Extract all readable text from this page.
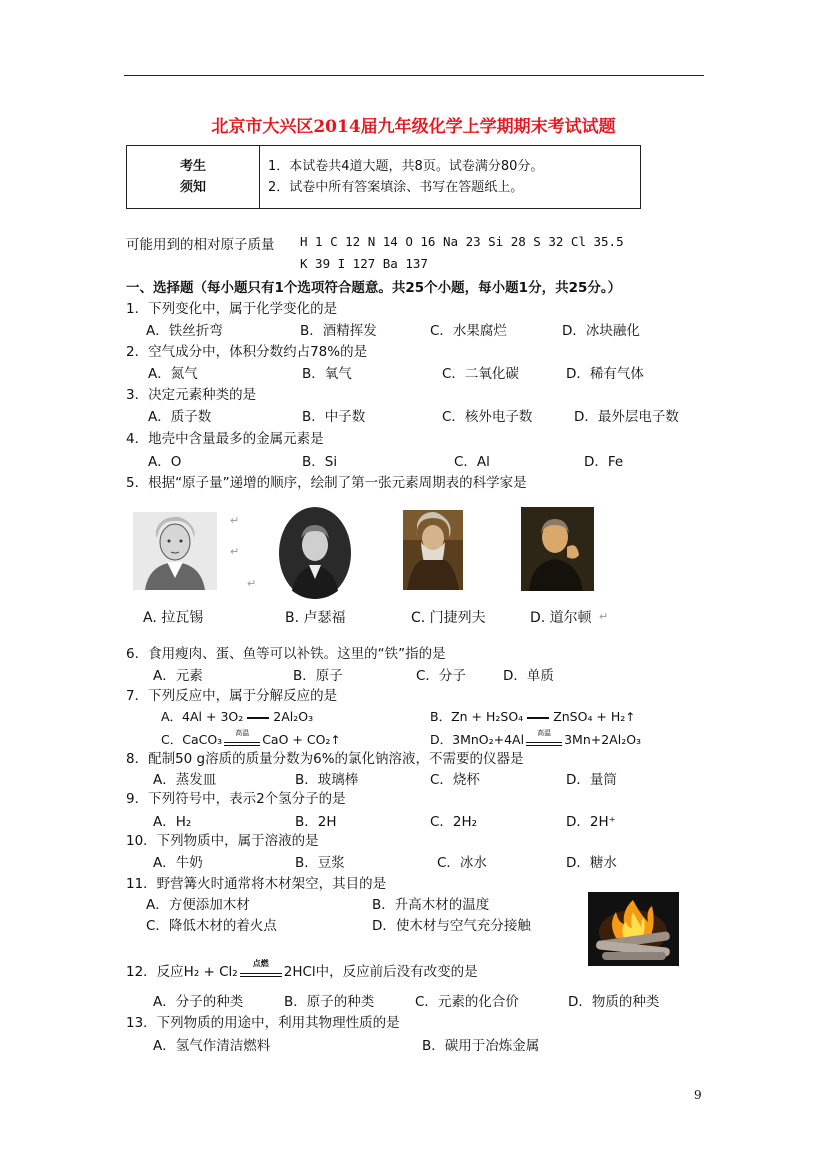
北京市大兴区2014届九年级化学上学期期末考试试题
考生
须知

1．本试卷共4道大题，共8页。试卷满分80分。
2．试卷中所有答案填涂、书写在答题纸上。
可能用到的相对原子质量 H 1 C 12 N 14 O 16 Na 23 Si 28 S 32 Cl 35.5
K 39 I 127 Ba 137
一、选择题（每小题只有1个选项符合题意。共25个小题，每小题1分，共25分。）
1．下列变化中，属于化学变化的是
A．铁丝折弯	B．酒精挥发	C．水果腐烂	D．冰块融化
2．空气成分中，体积分数约占78%的是
A．氮气	B．氧气	C．二氧化碳	D．稀有气体
3．决定元素种类的是
A．质子数	B．中子数	C．核外电子数	D．最外层电子数
4．地壳中含量最多的金属元素是
A．O	B．Si	C．Al	D．Fe
5．根据“原子量”递增的顺序，绘制了第一张元素周期表的科学家是
↵
↵
↵
A. 拉瓦锡	B. 卢瑟福	C. 门捷列夫	D. 道尔顿 ↵
6．食用瘦肉、蛋、鱼等可以补铁。这里的“铁”指的是
A．元素	B．原子	C．分子	D．单质
7．下列反应中，属于分解反应的是
A．4Al + 3O₂ 2Al₂O₃	B．Zn + H₂SO₄ ZnSO₄ + H₂↑
C．CaCO₃	高温	CaO + CO₂↑	D．3MnO₂+4Al	高温	3Mn+2Al₂O₃
8．配制50 g溶质的质量分数为6%的氯化钠溶液，不需要的仪器是
A．蒸发皿	B．玻璃棒	C．烧杯	D．量筒
9．下列符号中，表示2个氢分子的是
A．H₂	B．2H	C．2H₂	D．2H⁺
10．下列物质中，属于溶液的是
A．牛奶	B．豆浆	C．冰水	D．糖水
11．野营篝火时通常将木材架空，其目的是
A．方便添加木材	B．升高木材的温度
C．降低木材的着火点	D．使木材与空气充分接触
12．反应H₂ + Cl₂
点燃
2HCl中，反应前后没有改变的是
A．分子的种类	B．原子的种类	C．元素的化合价	D．物质的种类
13．下列物质的用途中，利用其物理性质的是
A．氢气作清洁燃料	B．碳用于冶炼金属
9
